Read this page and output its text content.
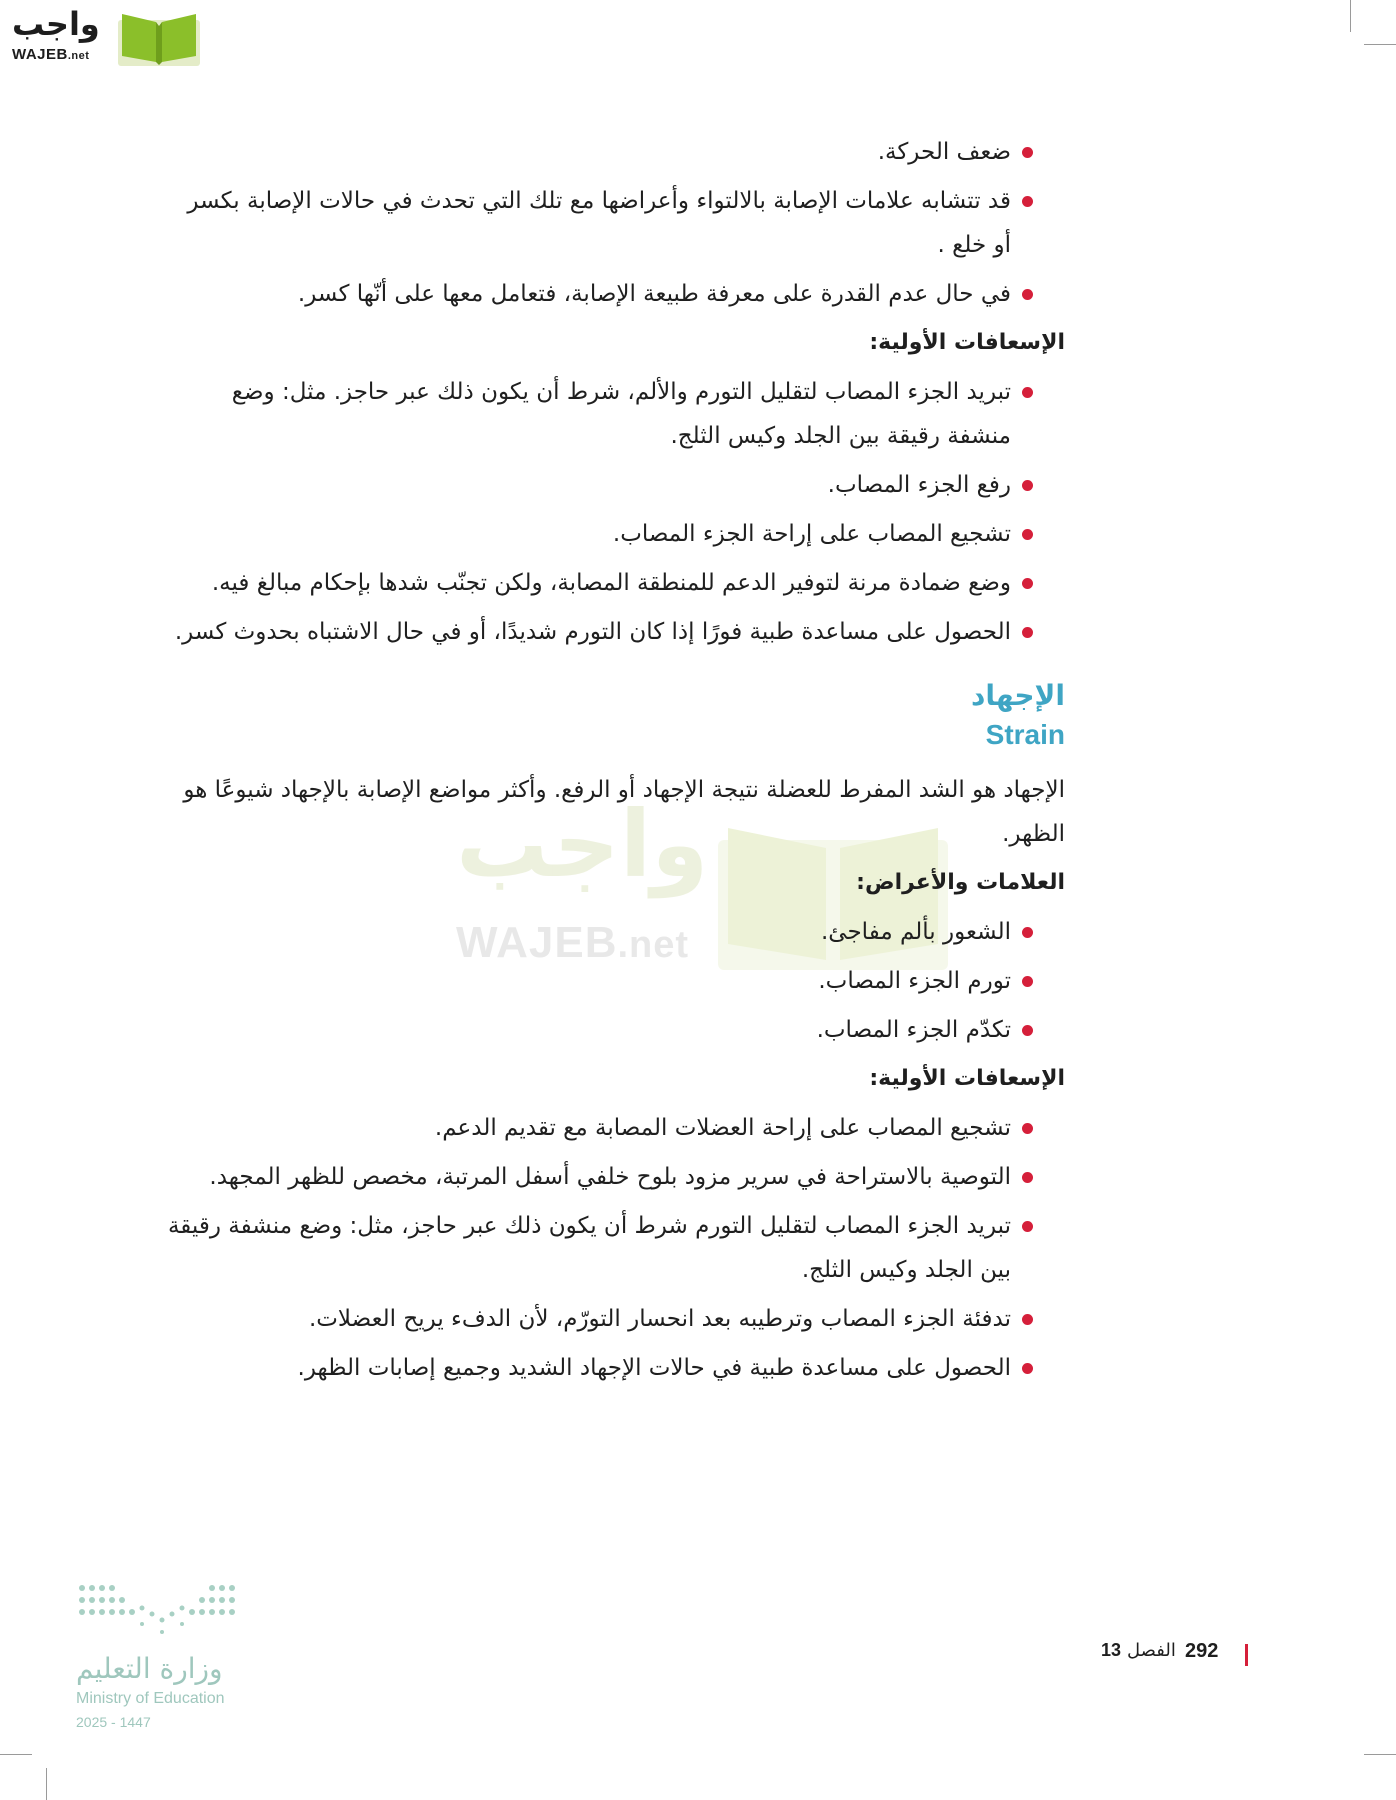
واجب
WAJEB.net
واجب
WAJEB.net
ضعف الحركة.
قد تتشابه علامات الإصابة بالالتواء وأعراضها مع تلك التي تحدث في حالات الإصابة بكسر أو خلع .
في حال عدم القدرة على معرفة طبيعة الإصابة، فتعامل معها على أنّها كسر.
الإسعافات الأولية:
تبريد الجزء المصاب لتقليل التورم والألم، شرط أن يكون ذلك عبر حاجز. مثل: وضع منشفة رقيقة بين الجلد وكيس الثلج.
رفع الجزء المصاب.
تشجيع المصاب على إراحة الجزء المصاب.
وضع ضمادة مرنة لتوفير الدعم للمنطقة المصابة، ولكن تجنّب شدها بإحكام مبالغ فيه.
الحصول على مساعدة طبية فورًا إذا كان التورم شديدًا، أو في حال الاشتباه بحدوث كسر.
الإجهاد
Strain
الإجهاد هو الشد المفرط للعضلة نتيجة الإجهاد أو الرفع. وأكثر مواضع الإصابة بالإجهاد شيوعًا هو الظهر.
العلامات والأعراض:
الشعور بألم مفاجئ.
تورم الجزء المصاب.
تكدّم الجزء المصاب.
الإسعافات الأولية:
تشجيع المصاب على إراحة العضلات المصابة مع تقديم الدعم.
التوصية بالاستراحة في سرير مزود بلوح خلفي أسفل المرتبة، مخصص للظهر المجهد.
تبريد الجزء المصاب لتقليل التورم شرط أن يكون ذلك عبر حاجز، مثل: وضع منشفة رقيقة بين الجلد وكيس الثلج.
تدفئة الجزء المصاب وترطيبه بعد انحسار التورّم، لأن الدفء يريح العضلات.
الحصول على مساعدة طبية في حالات الإجهاد الشديد وجميع إصابات الظهر.
وزارة التعليم
Ministry of Education
2025 - 1447
292
الفصل
13
